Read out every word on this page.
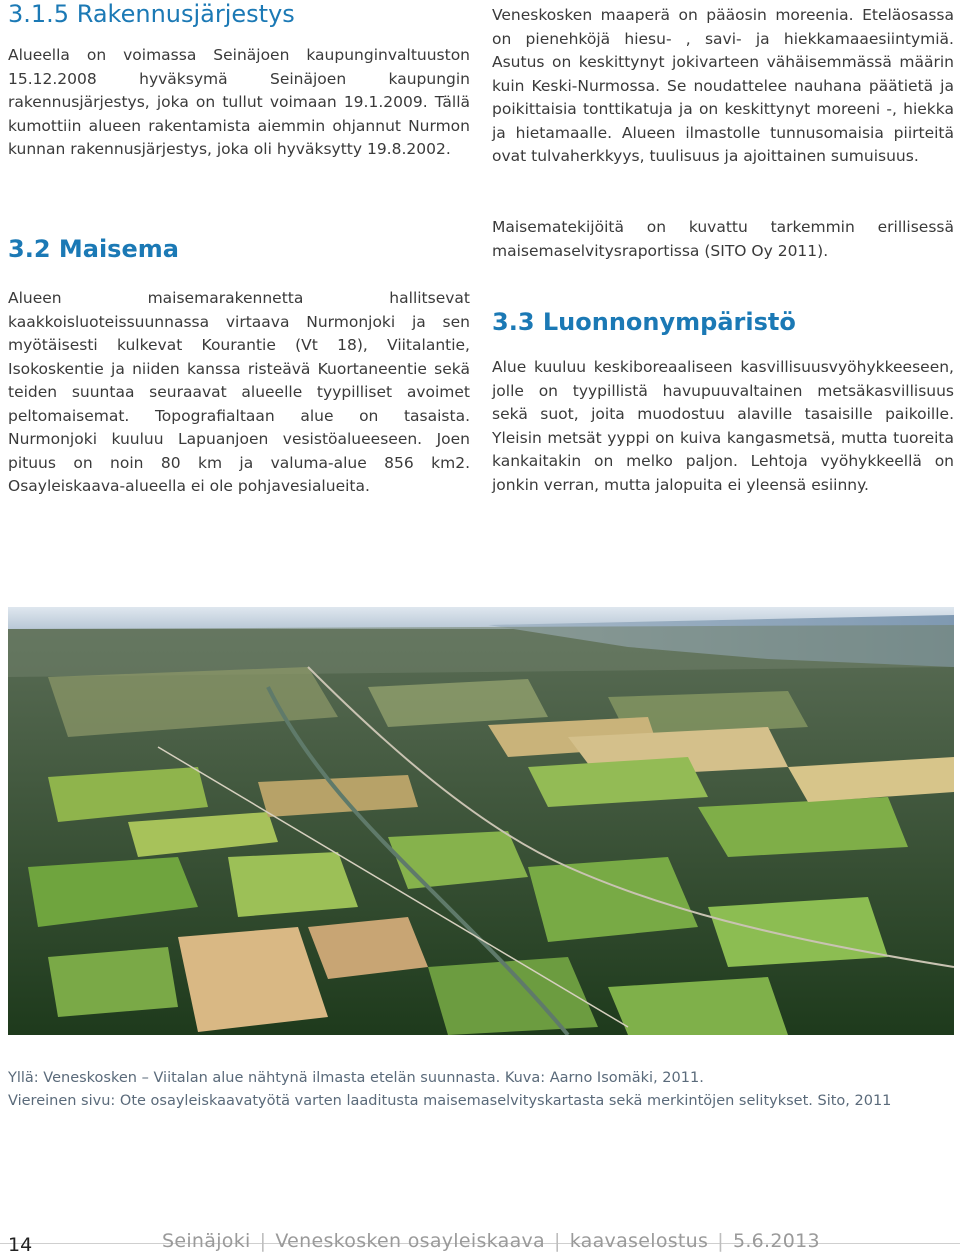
3.1.5 Rakennusjärjestys

Alueella on voimassa Seinäjoen kaupunginvaltuuston 15.12.2008 hyväksymä Seinäjoen kaupungin rakennusjärjestys, joka on tullut voimaan 19.1.2009. Tällä kumottiin alueen rakentamista aiemmin ohjannut Nurmon kunnan rakennusjärjestys, joka oli hyväksytty 19.8.2002.

3.2 Maisema

Alueen maisemarakennetta hallitsevat kaakkoisluoteissuunnassa virtaava Nurmonjoki ja sen myötäisesti kulkevat Kourantie (Vt 18), Viitalantie, Isokoskentie ja niiden kanssa risteävä Kuortaneentie sekä teiden suuntaa seuraavat alueelle tyypilliset avoimet peltomaisemat. Topografialtaan alue on tasaista. Nurmonjoki kuuluu Lapuanjoen vesistöalueeseen. Joen pituus on noin 80 km ja valuma-alue 856 km2. Osayleiskaava-alueella ei ole pohjavesialueita.

Veneskosken maaperä on pääosin moreenia. Eteläosassa on pienehköjä hiesu- , savi- ja hiekkamaaesiintymiä. Asutus on keskittynyt jokivarteen vähäisemmässä määrin kuin Keski-Nurmossa. Se noudattelee nauhana päätietä ja poikittaisia tonttikatuja ja on keskittynyt moreeni -, hiekka ja hietamaalle. Alueen ilmastolle tunnusomaisia piirteitä ovat tulvaherkkyys, tuulisuus ja ajoittainen sumuisuus.

Maisematekijöitä on kuvattu tarkemmin erillisessä maisemaselvitysraportissa (SITO Oy 2011).

3.3 Luonnonympäristö

Alue kuuluu keskiboreaaliseen kasvillisuusvyöhykkeeseen, jolle on tyypillistä havupuuvaltainen metsäkasvillisuus sekä suot, joita muodostuu alaville tasaisille paikoille. Yleisin metsät yyppi on kuiva kangasmetsä, mutta tuoreita kankaitakin on melko paljon. Lehtoja vyöhykkeellä on jonkin verran, mutta jalopuita ei yleensä esiinny.

Yllä: Veneskosken – Viitalan alue nähtynä ilmasta etelän suunnasta. Kuva: Aarno Isomäki, 2011.

Viereinen sivu: Ote osayleiskaavatyötä varten laaditusta maisemaselvityskartasta sekä merkintöjen selitykset. Sito, 2011

14	Seinäjoki | Veneskosken osayleiskaava | kaavaselostus | 5.6.2013
